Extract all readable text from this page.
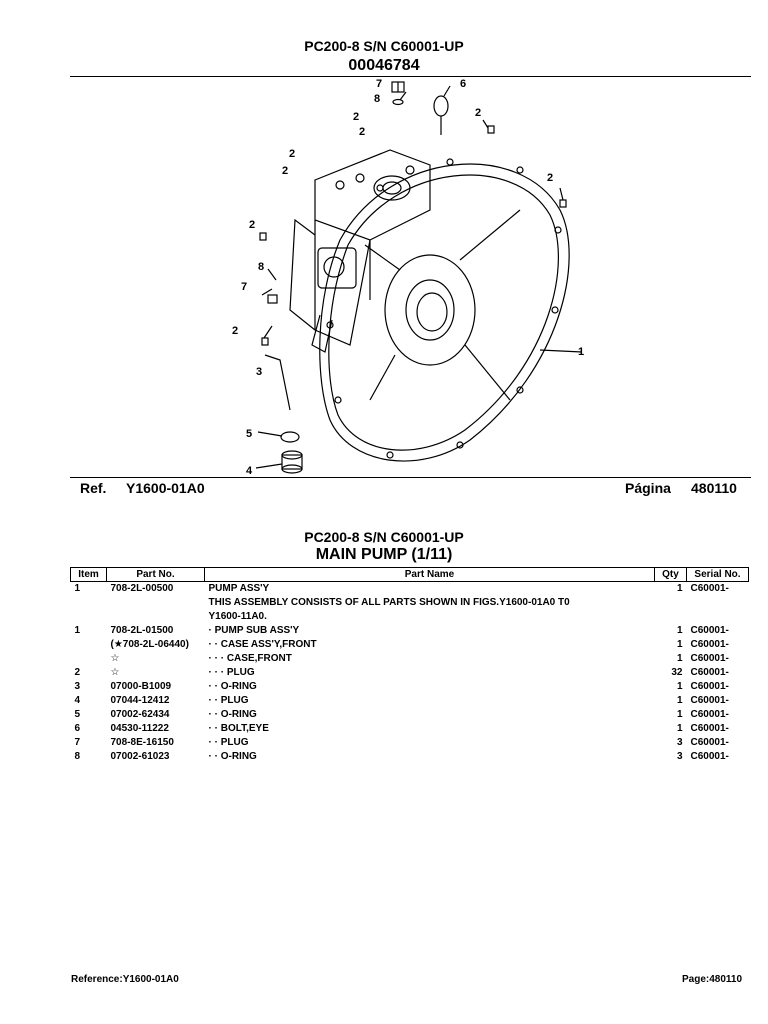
PC200-8 S/N C60001-UP
00046784
7	6
8
2
2
2
2
2
2
2
8
7
2
1
3
5
4
Ref. Y1600-01A0	Página 480110
PC200-8 S/N C60001-UP
MAIN PUMP (1/11)
Item	Part No.	Part Name	Qty	Serial No.
1	708-2L-00500	PUMP ASS'Y	1	C60001-
		THIS ASSEMBLY CONSISTS OF ALL PARTS SHOWN IN FIGS.Y1600-01A0 T0		
		Y1600-11A0.		
1	708-2L-01500	· PUMP SUB ASS'Y	1	C60001-
	(★708-2L-06440)	· · CASE ASS'Y,FRONT	1	C60001-
	☆	· · · CASE,FRONT	1	C60001-
2	☆	· · · PLUG	32	C60001-
3	07000-B1009	· · O-RING	1	C60001-
4	07044-12412	· · PLUG	1	C60001-
5	07002-62434	· · O-RING	1	C60001-
6	04530-11222	· · BOLT,EYE	1	C60001-
7	708-8E-16150	· · PLUG	3	C60001-
8	07002-61023	· · O-RING	3	C60001-
Reference:Y1600-01A0	Page:480110
